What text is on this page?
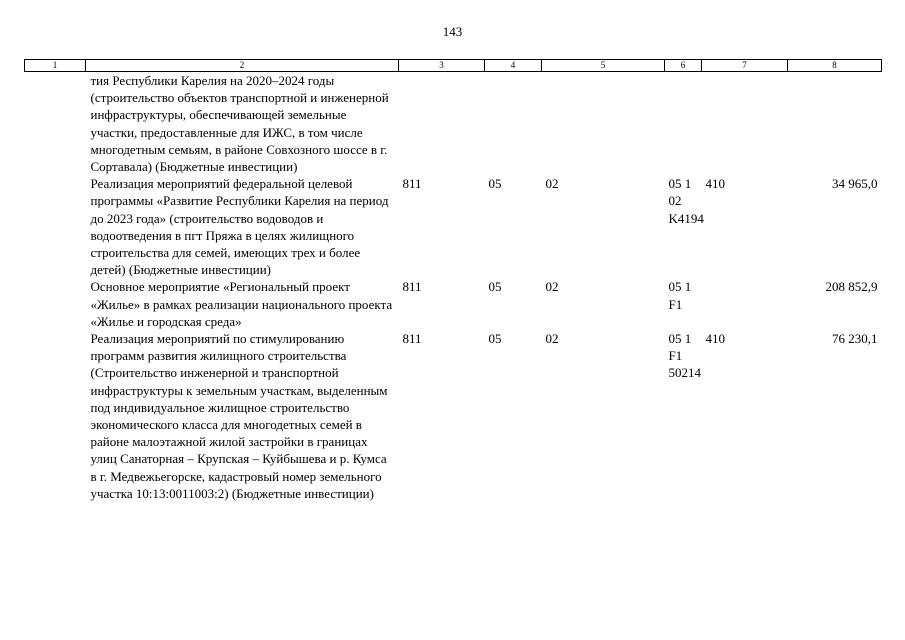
143
1	2	3	4	5	6	7	8
	тия Республики Карелия на 2020–2024 годы (строительство объектов транспортной и инженерной инфраструктуры, обеспечивающей земельные участки, предоставленные для ИЖС, в том числе многодетным семьям, в районе Совхозного шоссе в г. Сортавала) (Бюджетные инвестиции)						
	Реализация мероприятий федеральной целевой программы «Развитие Республики Карелия на период до 2023 года» (строительство водоводов и водоотведения в пгт Пряжа в целях жилищного строительства для семей, имеющих трех и более детей) (Бюджетные инвестиции)	811	05	02	05 1 02 K4194	410	34 965,0
	Основное мероприятие «Региональный проект «Жилье» в рамках реализации национального проекта «Жилье и городская среда»	811	05	02	05 1 F1		208 852,9
	Реализация мероприятий по стимулированию программ развития жилищного строительства (Строительство инженерной и транспортной инфраструктуры к земельным участкам, выделенным под индивидуальное жилищное строительство экономического класса для многодетных семей в районе малоэтажной жилой застройки в границах улиц Санаторная – Крупская – Куйбышева и р. Кумса в г. Медвежьегорске, кадастровый номер земельного участка 10:13:0011003:2) (Бюджетные инвестиции)	811	05	02	05 1 F1 50214	410	76 230,1
